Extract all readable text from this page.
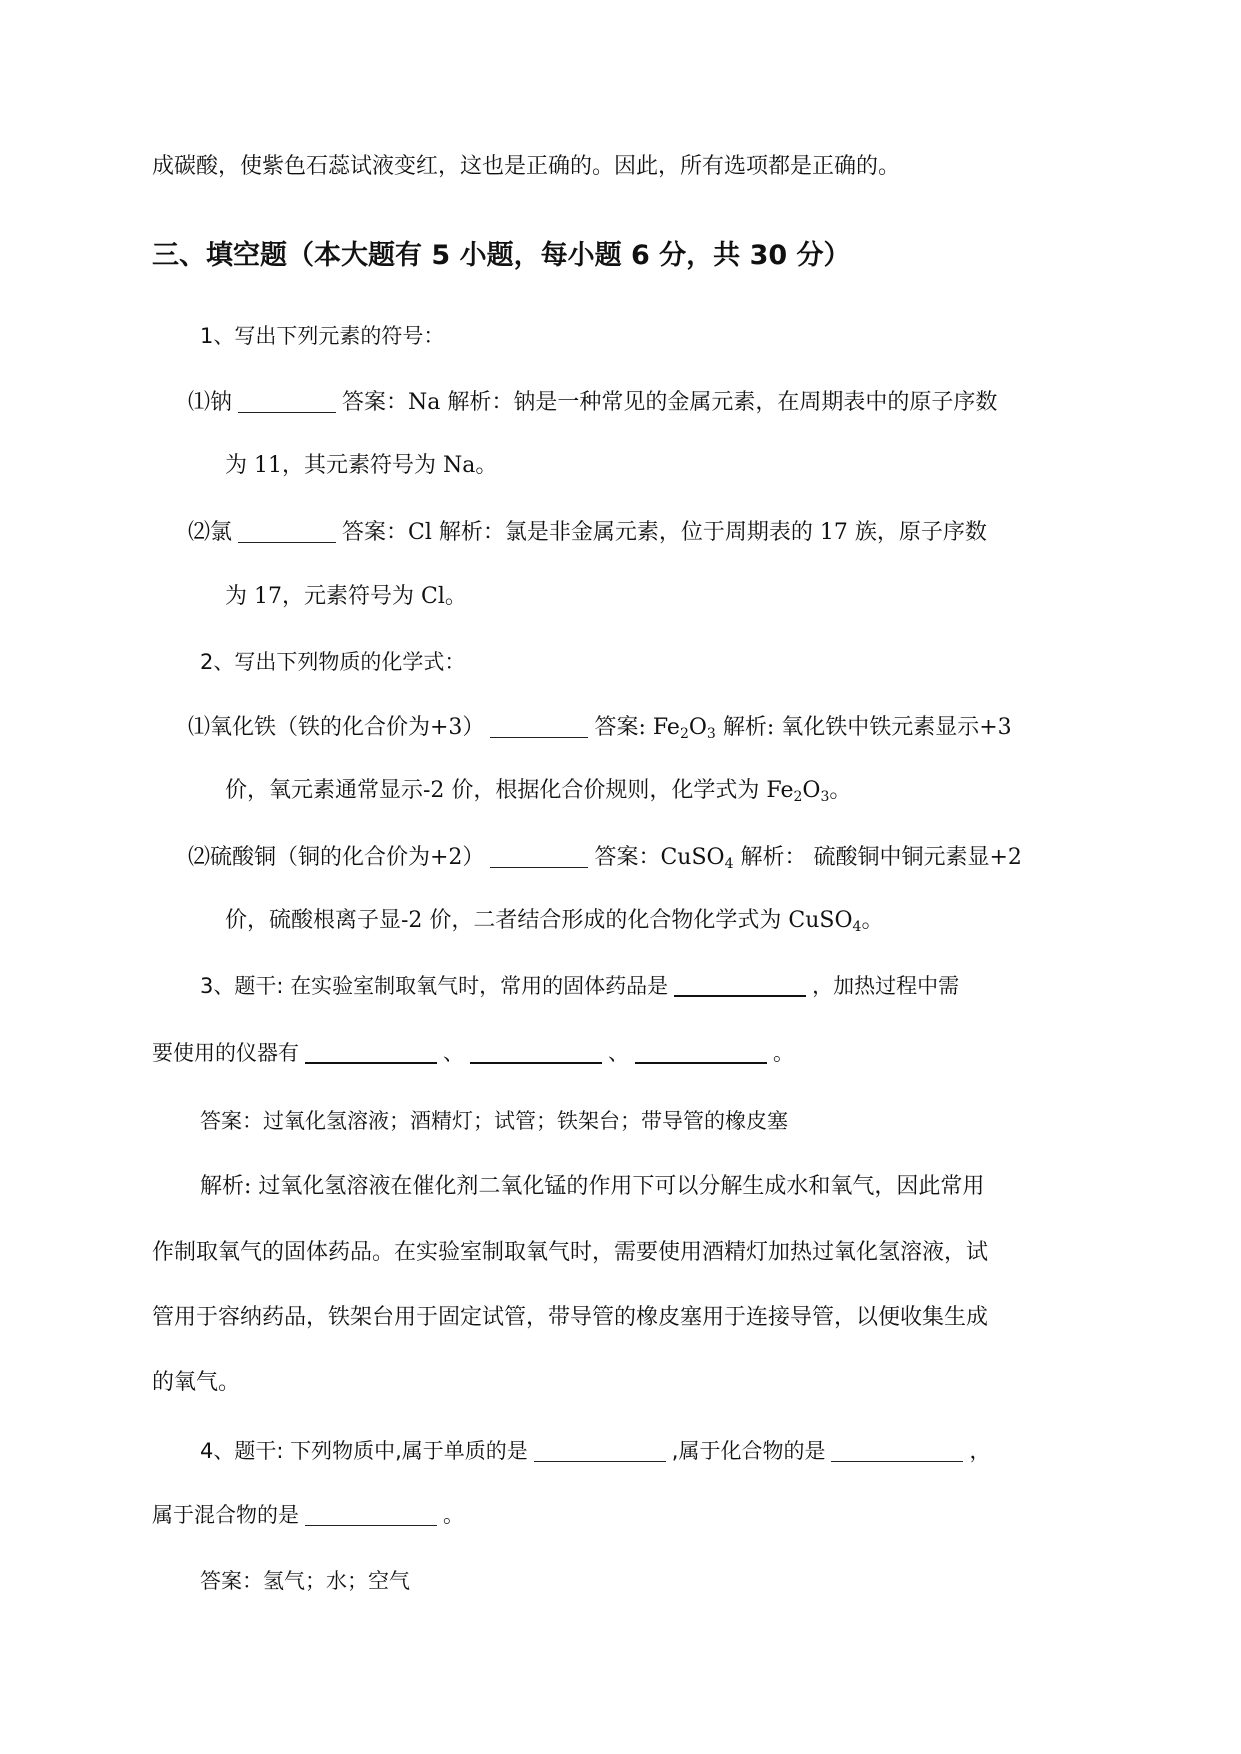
成碳酸，使紫色石蕊试液变红，这也是正确的。因此，所有选项都是正确的。
三、填空题（本大题有 5 小题，每小题 6 分，共 30 分）
1、写出下列元素的符号：
⑴钠	答案：Na 解析：钠是一种常见的金属元素，在周期表中的原子序数
为 11，其元素符号为 Na。
⑵氯	答案：Cl 解析：氯是非金属元素，位于周期表的 17 族，原子序数
为 17，元素符号为 Cl。
2、写出下列物质的化学式：
⑴氧化铁（铁的化合价为+3）	答案: $Fe_2O_3$ 解析: 氧化铁中铁元素显示+3
价，氧元素通常显示-2 价，根据化合价规则，化学式为 $Fe_2O_3$。
⑵硫酸铜（铜的化合价为+2）	答案：CuSO$_4$ 解析： 硫酸铜中铜元素显+2
价，硫酸根离子显-2 价，二者结合形成的化合物化学式为 CuSO$_4$。
3、题干: 在实验室制取氧气时，常用的固体药品是	，加热过程中需
要使用的仪器有	、	、	。
答案：过氧化氢溶液；酒精灯；试管；铁架台；带导管的橡皮塞
解析: 过氧化氢溶液在催化剂二氧化锰的作用下可以分解生成水和氧气，因此常用
作制取氧气的固体药品。在实验室制取氧气时，需要使用酒精灯加热过氧化氢溶液，试
管用于容纳药品，铁架台用于固定试管，带导管的橡皮塞用于连接导管，以便收集生成
的氧气。
4、题干: 下列物质中,属于单质的是	,属于化合物的是	，
属于混合物的是	。
答案：氢气；水；空气
